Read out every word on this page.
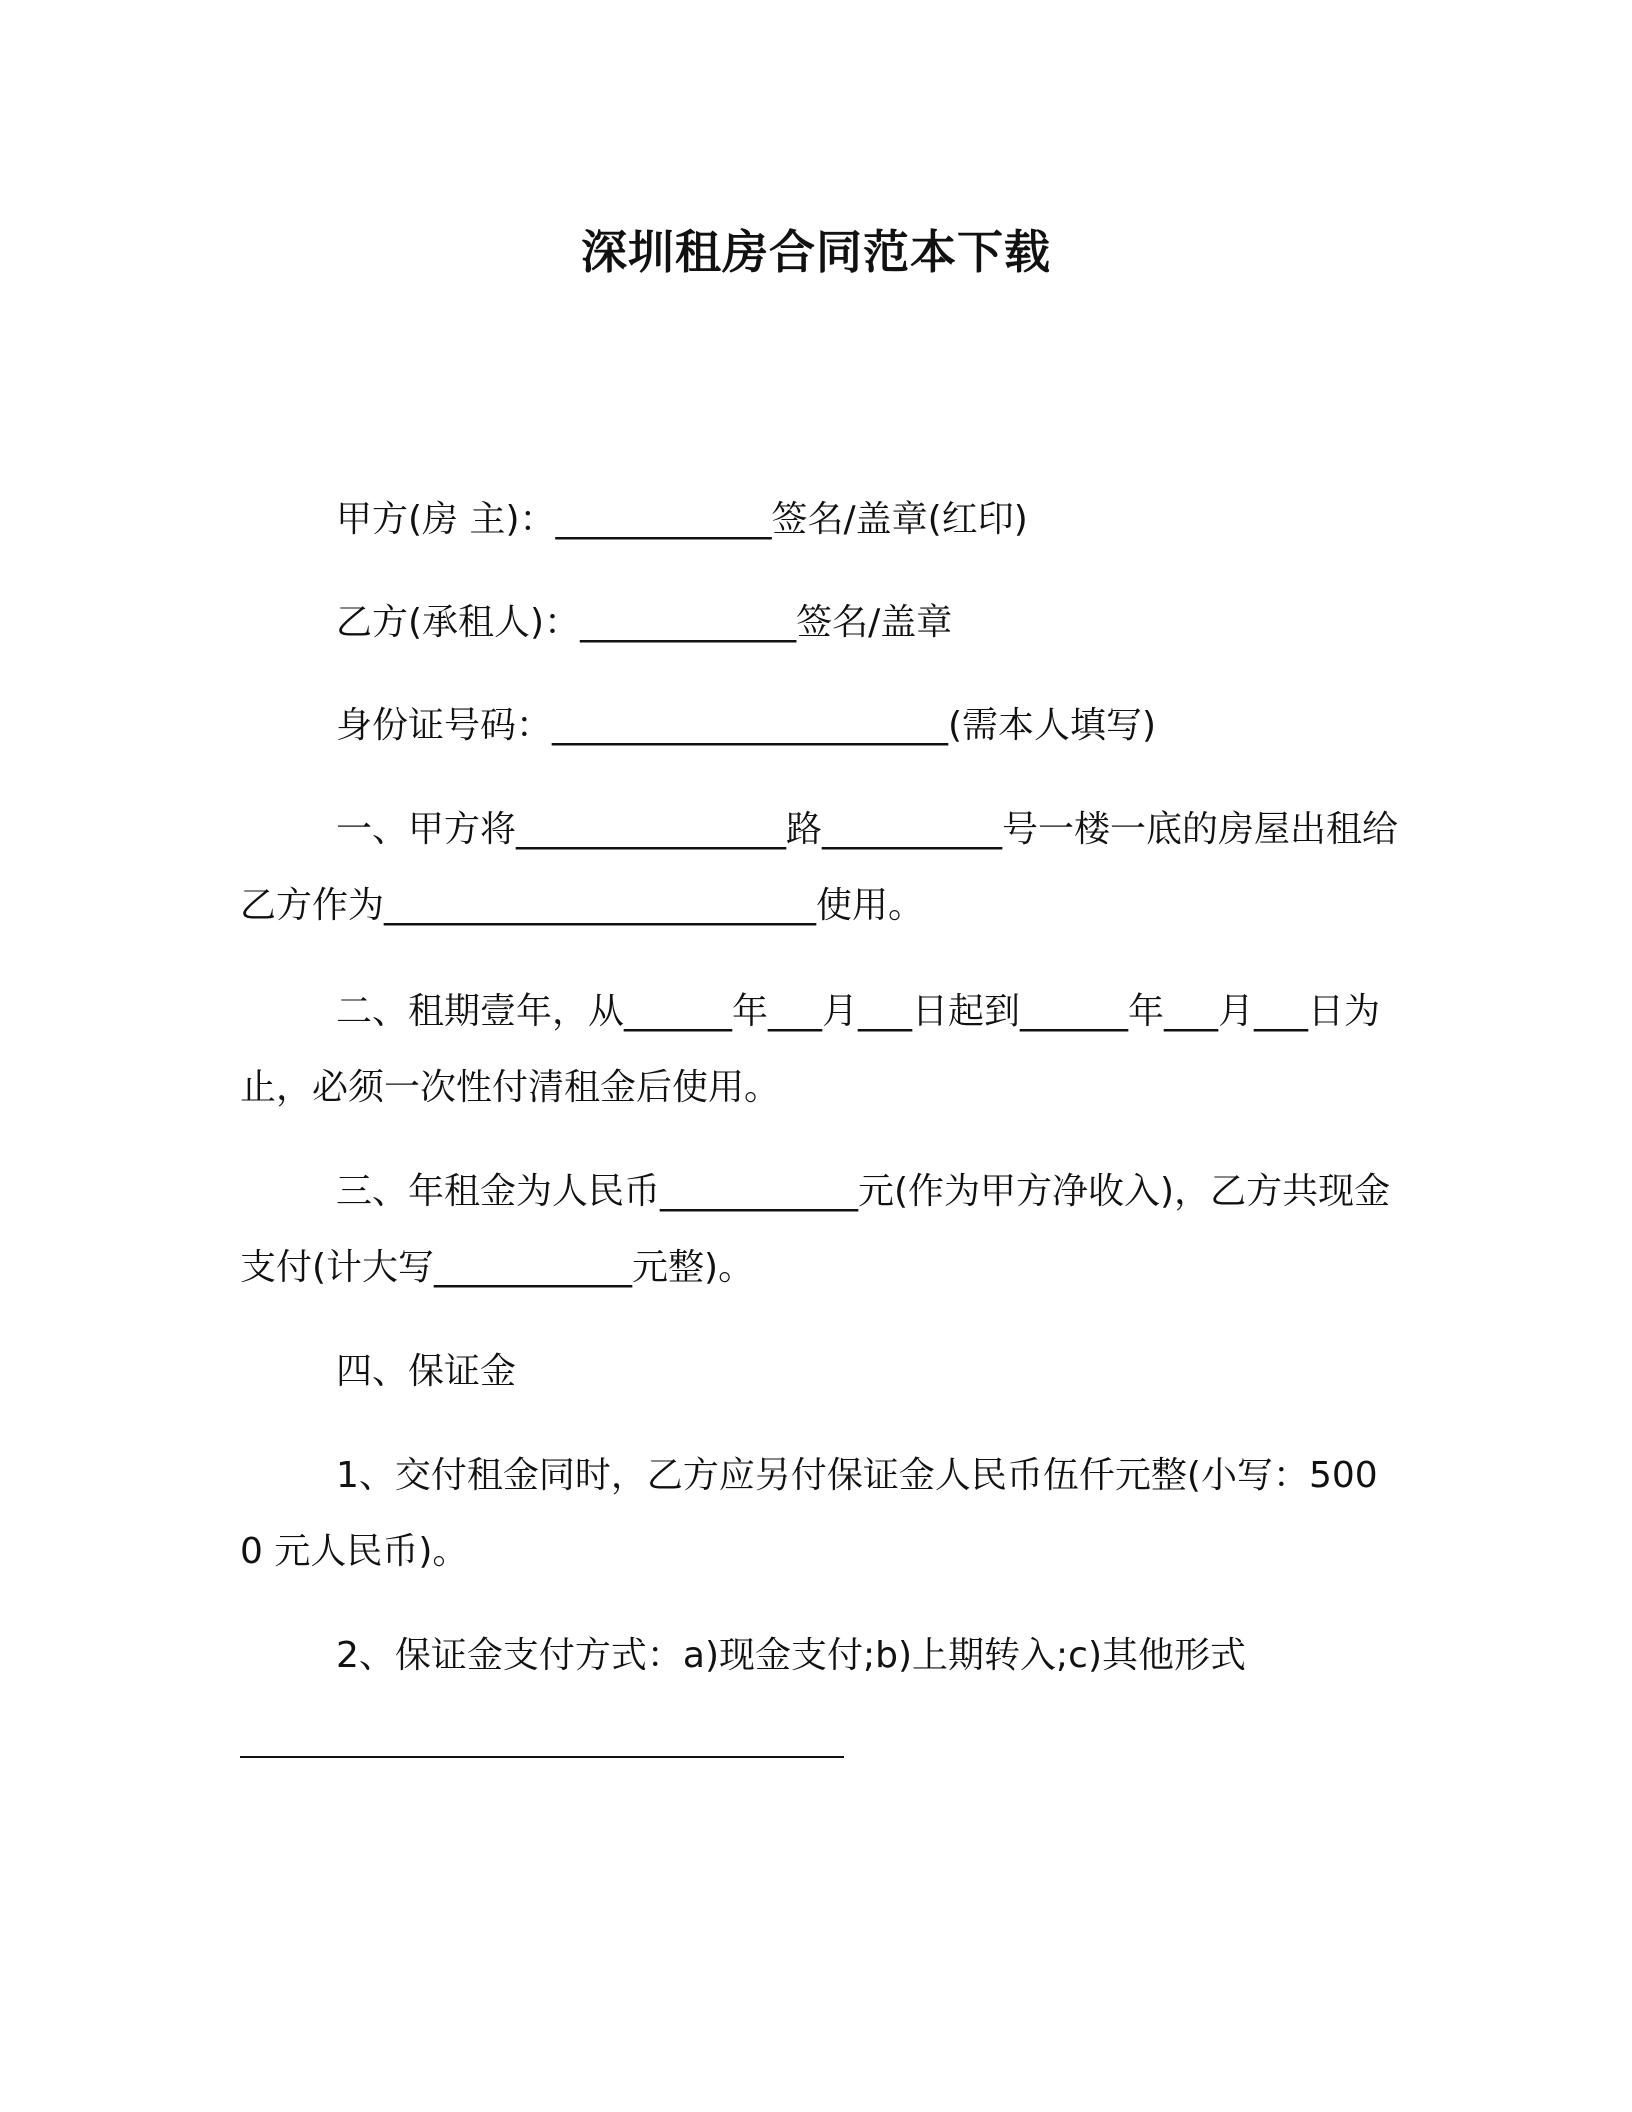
深圳租房合同范本下载
甲方(房 主)：____________签名/盖章(红印)
乙方(承租人)：____________签名/盖章
身份证号码：______________________(需本人填写)
一、甲方将_______________路__________号一楼一底的房屋出租给乙方作为________________________使用。
二、租期壹年，从______年___月___日起到______年___月___日为止，必须一次性付清租金后使用。
三、年租金为人民币___________元(作为甲方净收入)，乙方共现金支付(计大写___________元整)。
四、保证金
1、交付租金同时，乙方应另付保证金人民币伍仟元整(小写：5000 元人民币)。
2、保证金支付方式：a)现金支付;b)上期转入;c)其他形式
